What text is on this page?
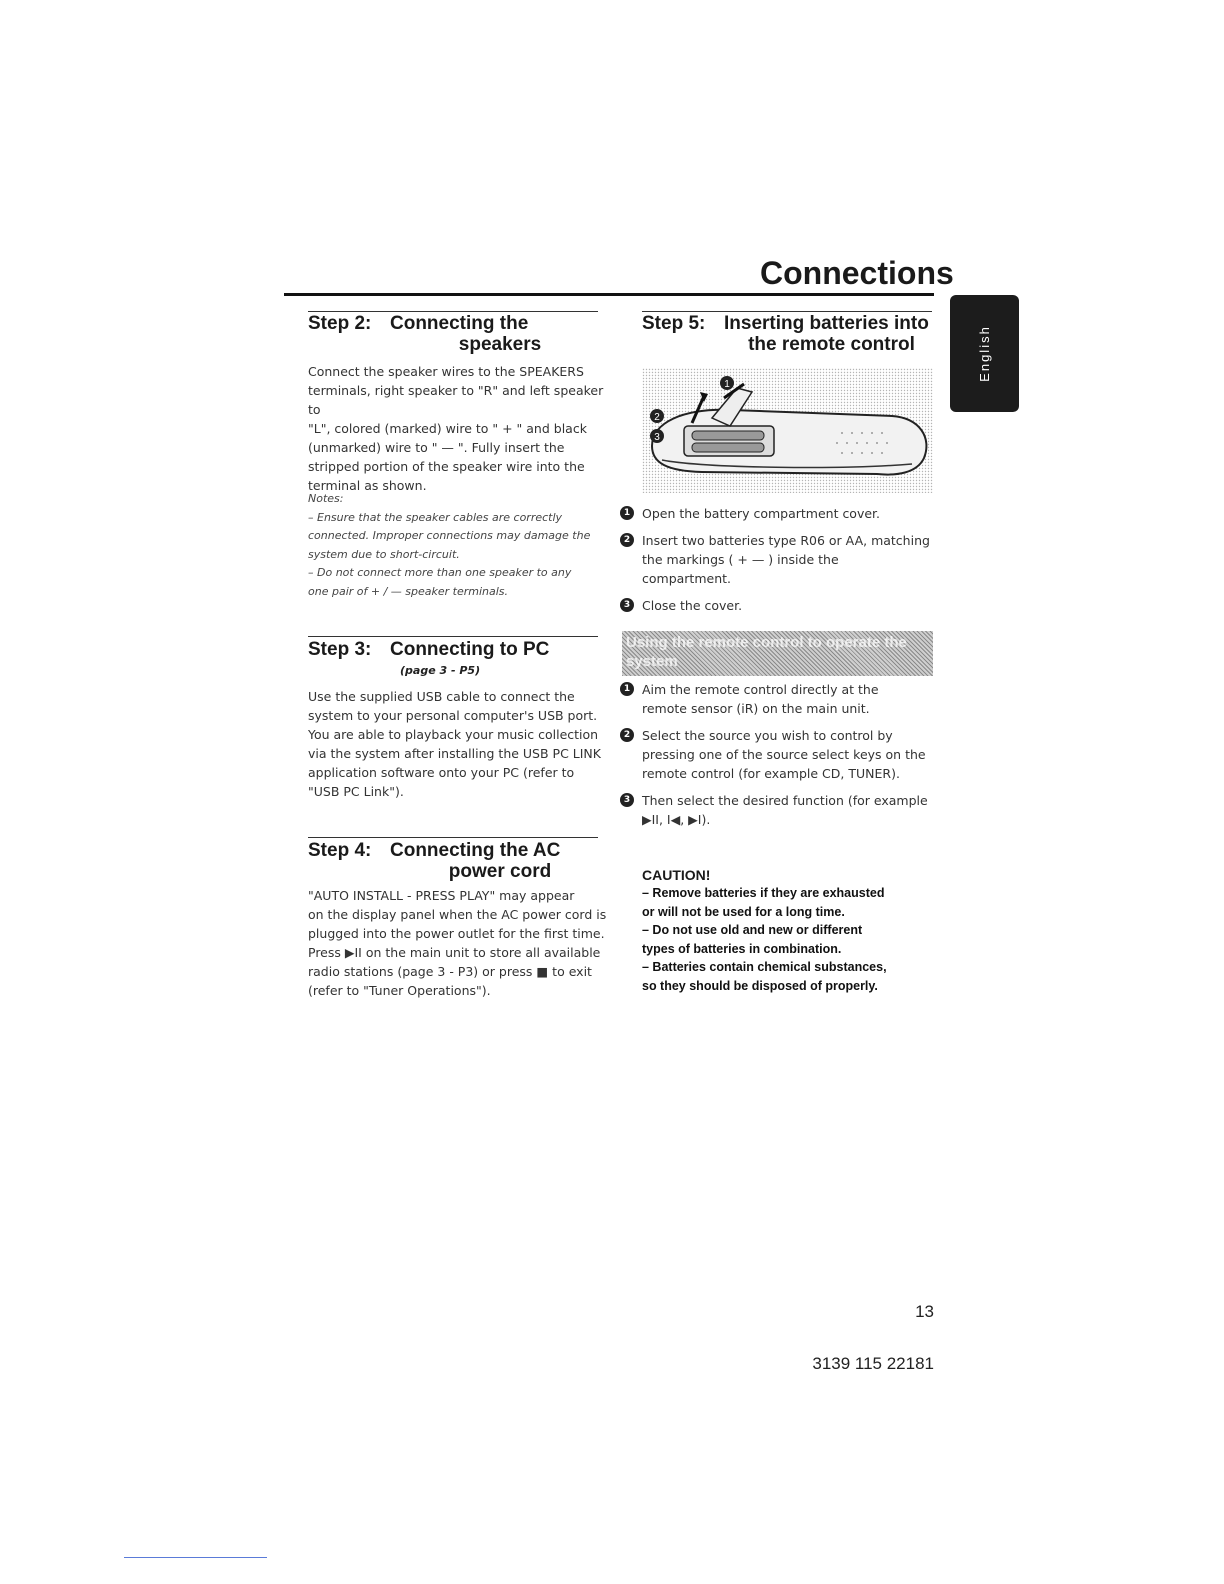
Connections
English
Step 2: Connecting the
speakers
Connect the speaker wires to the SPEAKERS
terminals, right speaker to "R" and left speaker to
"L", colored (marked) wire to " + " and black
(unmarked) wire to " — ". Fully insert the
stripped portion of the speaker wire into the
terminal as shown.
Notes:
– Ensure that the speaker cables are correctly
connected. Improper connections may damage the
system due to short-circuit.
– Do not connect more than one speaker to any
one pair of + / — speaker terminals.
Step 3: Connecting to PC
(page 3 - P5)
Use the supplied USB cable to connect the
system to your personal computer's USB port.
You are able to playback your music collection
via the system after installing the USB PC LINK
application software onto your PC (refer to
"USB PC Link").
Step 4: Connecting the AC
power cord
"AUTO INSTALL - PRESS PLAY" may appear
on the display panel when the AC power cord is
plugged into the power outlet for the first time.
Press ▶II on the main unit to store all available
radio stations (page 3 - P3) or press ■ to exit
(refer to "Tuner Operations").
Step 5: Inserting batteries into
the remote control
1
2
3
1 Open the battery compartment cover.
2 Insert two batteries type R06 or AA, matching
the markings ( + — ) inside the
compartment.
3 Close the cover.
Using the remote control to operate the system
1 Aim the remote control directly at the
remote sensor (iR) on the main unit.
2 Select the source you wish to control by
pressing one of the source select keys on the
remote control (for example CD, TUNER).
3 Then select the desired function (for example
▶II, I◀, ▶I).
CAUTION!
– Remove batteries if they are exhausted
or will not be used for a long time.
– Do not use old and new or different
types of batteries in combination.
– Batteries contain chemical substances,
so they should be disposed of properly.
13
3139 115 22181
